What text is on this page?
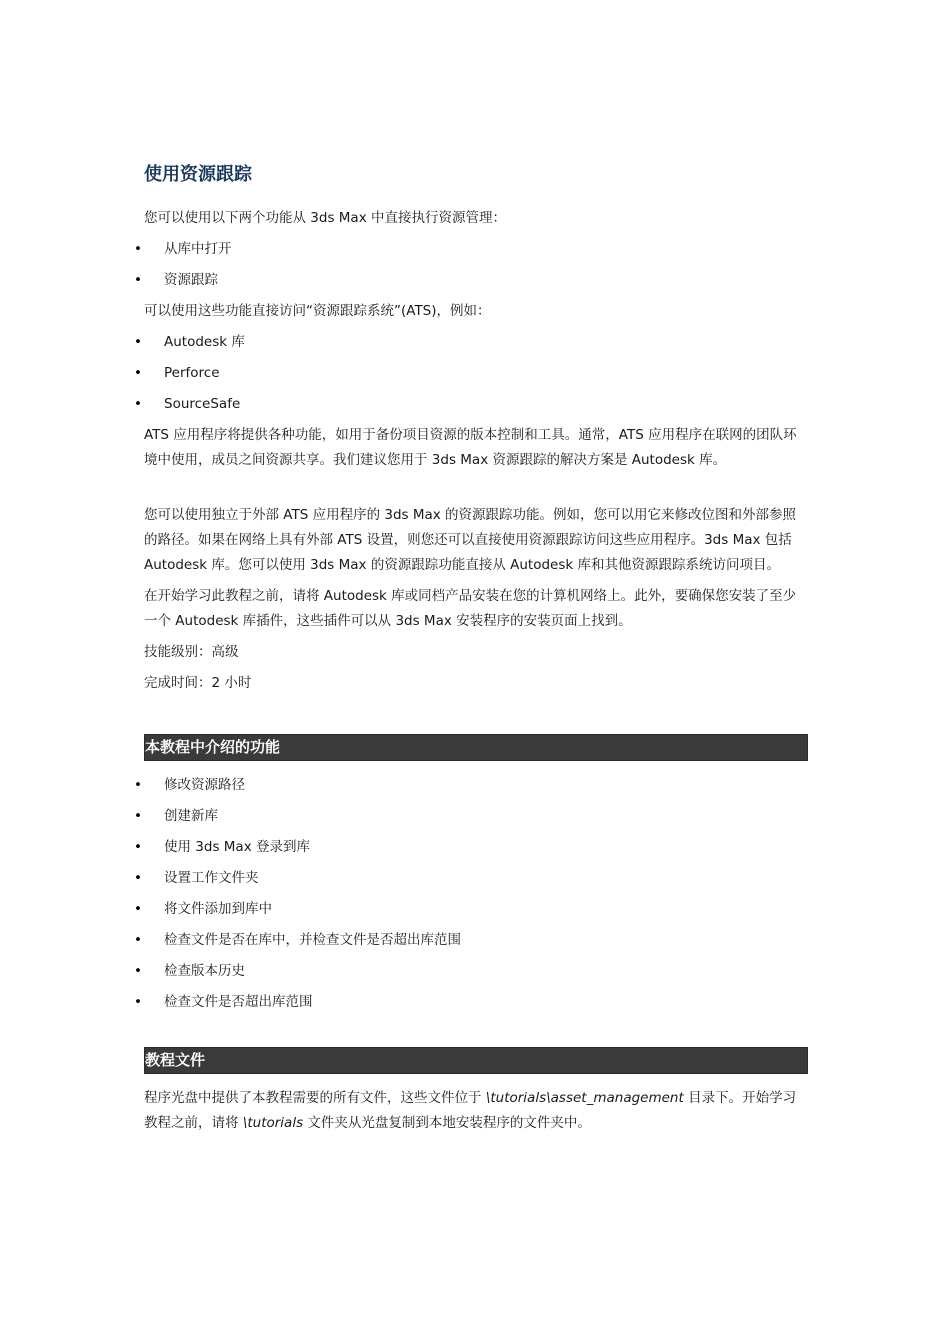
使用资源跟踪

您可以使用以下两个功能从 3ds Max 中直接执行资源管理：

• 从库中打开
• 资源跟踪

可以使用这些功能直接访问“资源跟踪系统”(ATS)，例如：

• Autodesk 库
• Perforce
• SourceSafe

ATS 应用程序将提供各种功能，如用于备份项目资源的版本控制和工具。通常，ATS 应用程序在联网的团队环境中使用，成员之间资源共享。我们建议您用于 3ds Max 资源跟踪的解决方案是 Autodesk 库。

您可以使用独立于外部 ATS 应用程序的 3ds Max 的资源跟踪功能。例如，您可以用它来修改位图和外部参照的路径。如果在网络上具有外部 ATS 设置，则您还可以直接使用资源跟踪访问这些应用程序。3ds Max 包括 Autodesk 库。您可以使用 3ds Max 的资源跟踪功能直接从 Autodesk 库和其他资源跟踪系统访问项目。

在开始学习此教程之前，请将 Autodesk 库或同档产品安装在您的计算机网络上。此外，要确保您安装了至少一个 Autodesk 库插件，这些插件可以从 3ds Max 安装程序的安装页面上找到。

技能级别：高级

完成时间：2 小时

本教程中介绍的功能
• 修改资源路径
• 创建新库
• 使用 3ds Max 登录到库
• 设置工作文件夹
• 将文件添加到库中
• 检查文件是否在库中，并检查文件是否超出库范围
• 检查版本历史
• 检查文件是否超出库范围
教程文件

程序光盘中提供了本教程需要的所有文件，这些文件位于 \tutorials\asset_management 目录下。开始学习教程之前，请将 \tutorials 文件夹从光盘复制到本地安装程序的文件夹中。
